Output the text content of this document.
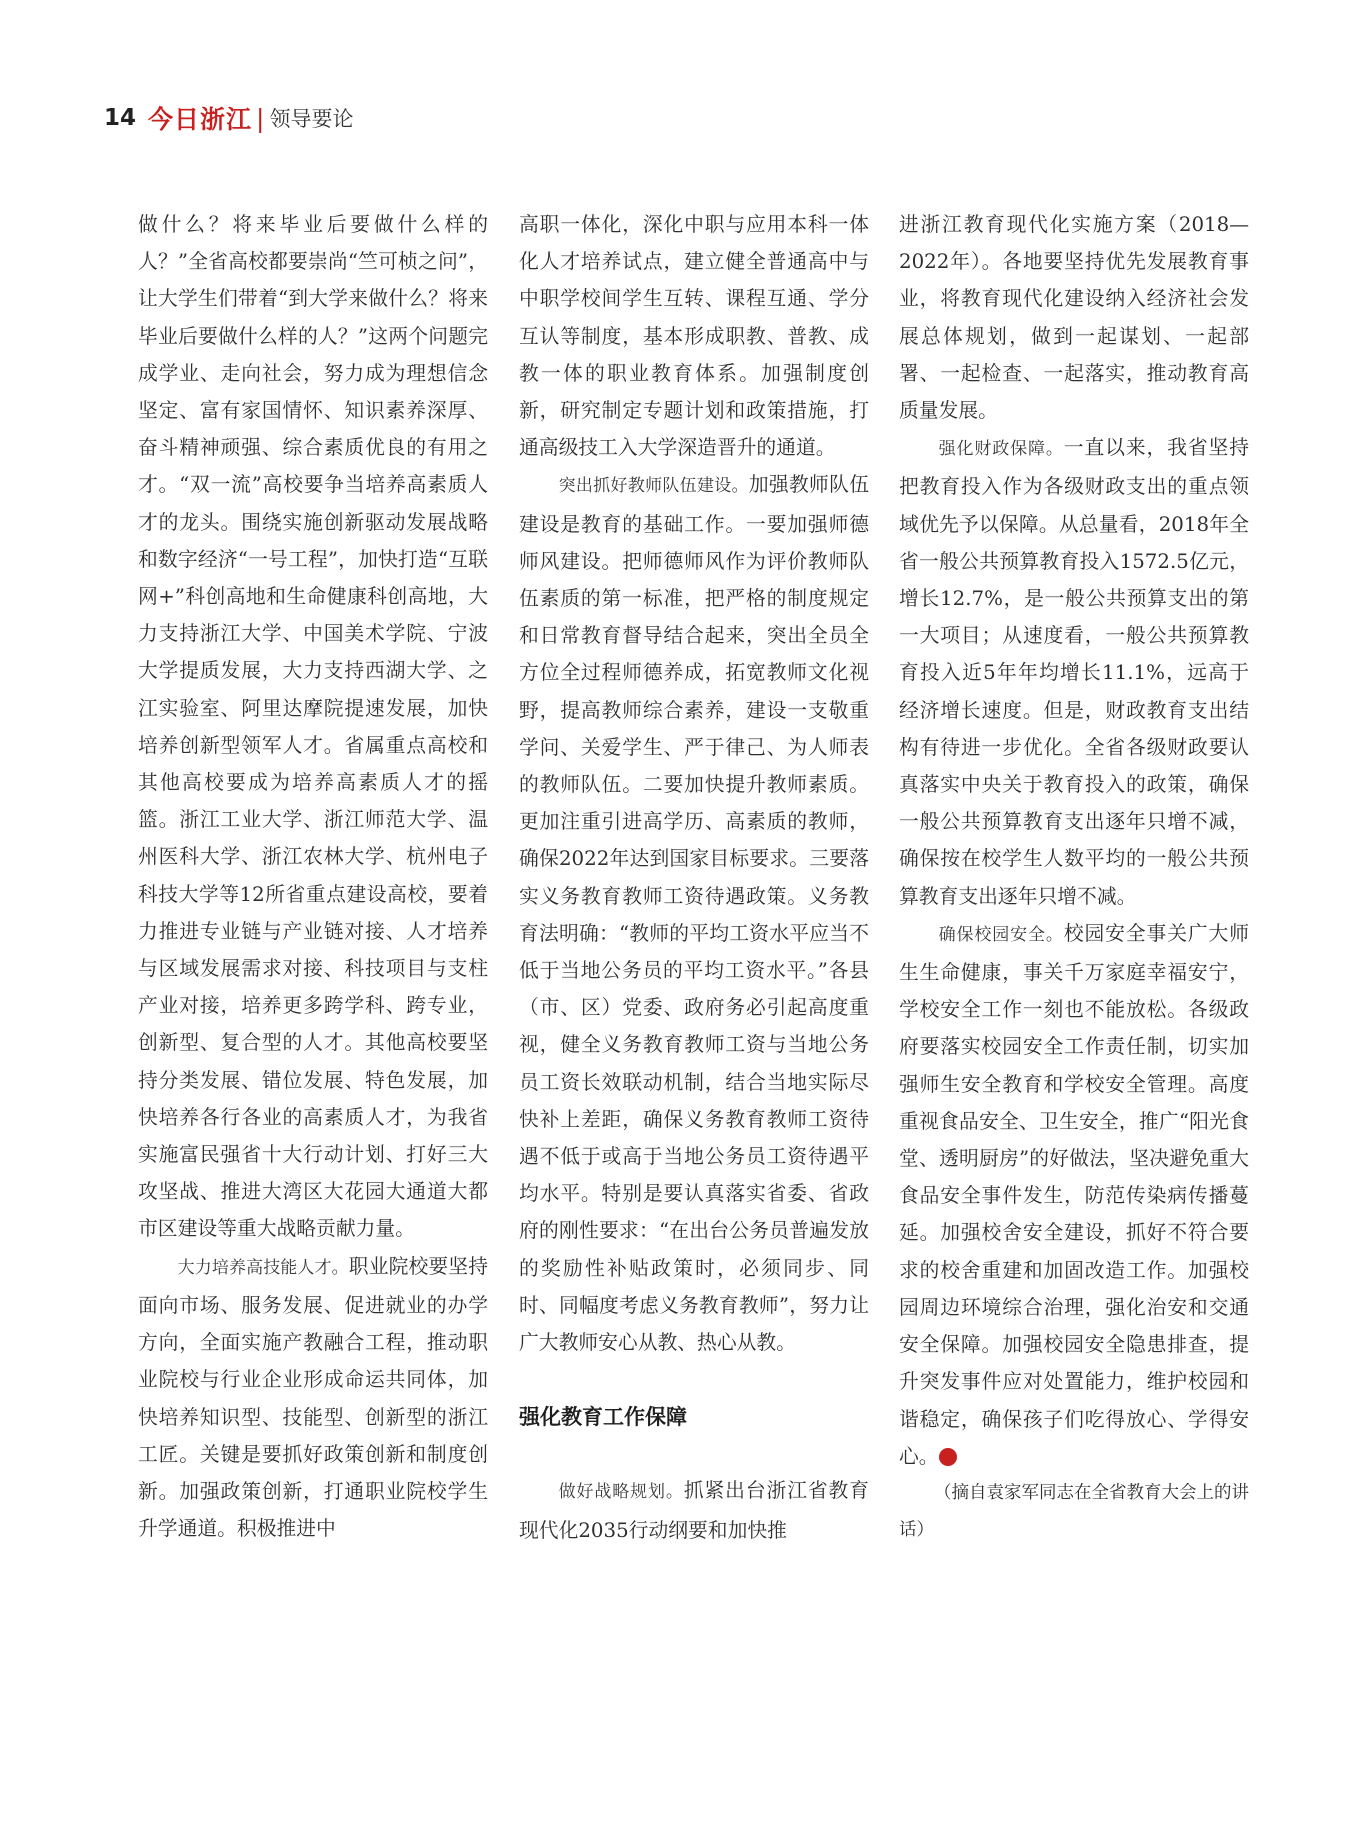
14 今日浙江 | 领导要论

做什么？将来毕业后要做什么样的人？”全省高校都要崇尚“竺可桢之问”，让大学生们带着“到大学来做什么？将来毕业后要做什么样的人？”这两个问题完成学业、走向社会，努力成为理想信念坚定、富有家国情怀、知识素养深厚、奋斗精神顽强、综合素质优良的有用之才。“双一流”高校要争当培养高素质人才的龙头。围绕实施创新驱动发展战略和数字经济“一号工程”，加快打造“互联网+”科创高地和生命健康科创高地，大力支持浙江大学、中国美术学院、宁波大学提质发展，大力支持西湖大学、之江实验室、阿里达摩院提速发展，加快培养创新型领军人才。省属重点高校和其他高校要成为培养高素质人才的摇篮。浙江工业大学、浙江师范大学、温州医科大学、浙江农林大学、杭州电子科技大学等12所省重点建设高校，要着力推进专业链与产业链对接、人才培养与区域发展需求对接、科技项目与支柱产业对接，培养更多跨学科、跨专业，创新型、复合型的人才。其他高校要坚持分类发展、错位发展、特色发展，加快培养各行各业的高素质人才，为我省实施富民强省十大行动计划、打好三大攻坚战、推进大湾区大花园大通道大都市区建设等重大战略贡献力量。

大力培养高技能人才。职业院校要坚持面向市场、服务发展、促进就业的办学方向，全面实施产教融合工程，推动职业院校与行业企业形成命运共同体，加快培养知识型、技能型、创新型的浙江工匠。关键是要抓好政策创新和制度创新。加强政策创新，打通职业院校学生升学通道。积极推进中

高职一体化，深化中职与应用本科一体化人才培养试点，建立健全普通高中与中职学校间学生互转、课程互通、学分互认等制度，基本形成职教、普教、成教一体的职业教育体系。加强制度创新，研究制定专题计划和政策措施，打通高级技工入大学深造晋升的通道。

突出抓好教师队伍建设。加强教师队伍建设是教育的基础工作。一要加强师德师风建设。把师德师风作为评价教师队伍素质的第一标准，把严格的制度规定和日常教育督导结合起来，突出全员全方位全过程师德养成，拓宽教师文化视野，提高教师综合素养，建设一支敬重学问、关爱学生、严于律己、为人师表的教师队伍。二要加快提升教师素质。更加注重引进高学历、高素质的教师，确保2022年达到国家目标要求。三要落实义务教育教师工资待遇政策。义务教育法明确：“教师的平均工资水平应当不低于当地公务员的平均工资水平。”各县（市、区）党委、政府务必引起高度重视，健全义务教育教师工资与当地公务员工资长效联动机制，结合当地实际尽快补上差距，确保义务教育教师工资待遇不低于或高于当地公务员工资待遇平均水平。特别是要认真落实省委、省政府的刚性要求：“在出台公务员普遍发放的奖励性补贴政策时，必须同步、同时、同幅度考虑义务教育教师”，努力让广大教师安心从教、热心从教。

强化教育工作保障

做好战略规划。抓紧出台浙江省教育现代化2035行动纲要和加快推

进浙江教育现代化实施方案（2018—2022年）。各地要坚持优先发展教育事业，将教育现代化建设纳入经济社会发展总体规划，做到一起谋划、一起部署、一起检查、一起落实，推动教育高质量发展。

强化财政保障。一直以来，我省坚持把教育投入作为各级财政支出的重点领域优先予以保障。从总量看，2018年全省一般公共预算教育投入1572.5亿元，增长12.7%，是一般公共预算支出的第一大项目；从速度看，一般公共预算教育投入近5年年均增长11.1%，远高于经济增长速度。但是，财政教育支出结构有待进一步优化。全省各级财政要认真落实中央关于教育投入的政策，确保一般公共预算教育支出逐年只增不减，确保按在校学生人数平均的一般公共预算教育支出逐年只增不减。

确保校园安全。校园安全事关广大师生生命健康，事关千万家庭幸福安宁，学校安全工作一刻也不能放松。各级政府要落实校园安全工作责任制，切实加强师生安全教育和学校安全管理。高度重视食品安全、卫生安全，推广“阳光食堂、透明厨房”的好做法，坚决避免重大食品安全事件发生，防范传染病传播蔓延。加强校舍安全建设，抓好不符合要求的校舍重建和加固改造工作。加强校园周边环境综合治理，强化治安和交通安全保障。加强校园安全隐患排查，提升突发事件应对处置能力，维护校园和谐稳定，确保孩子们吃得放心、学得安心。	今

（摘自袁家军同志在全省教育大会上的讲话）
